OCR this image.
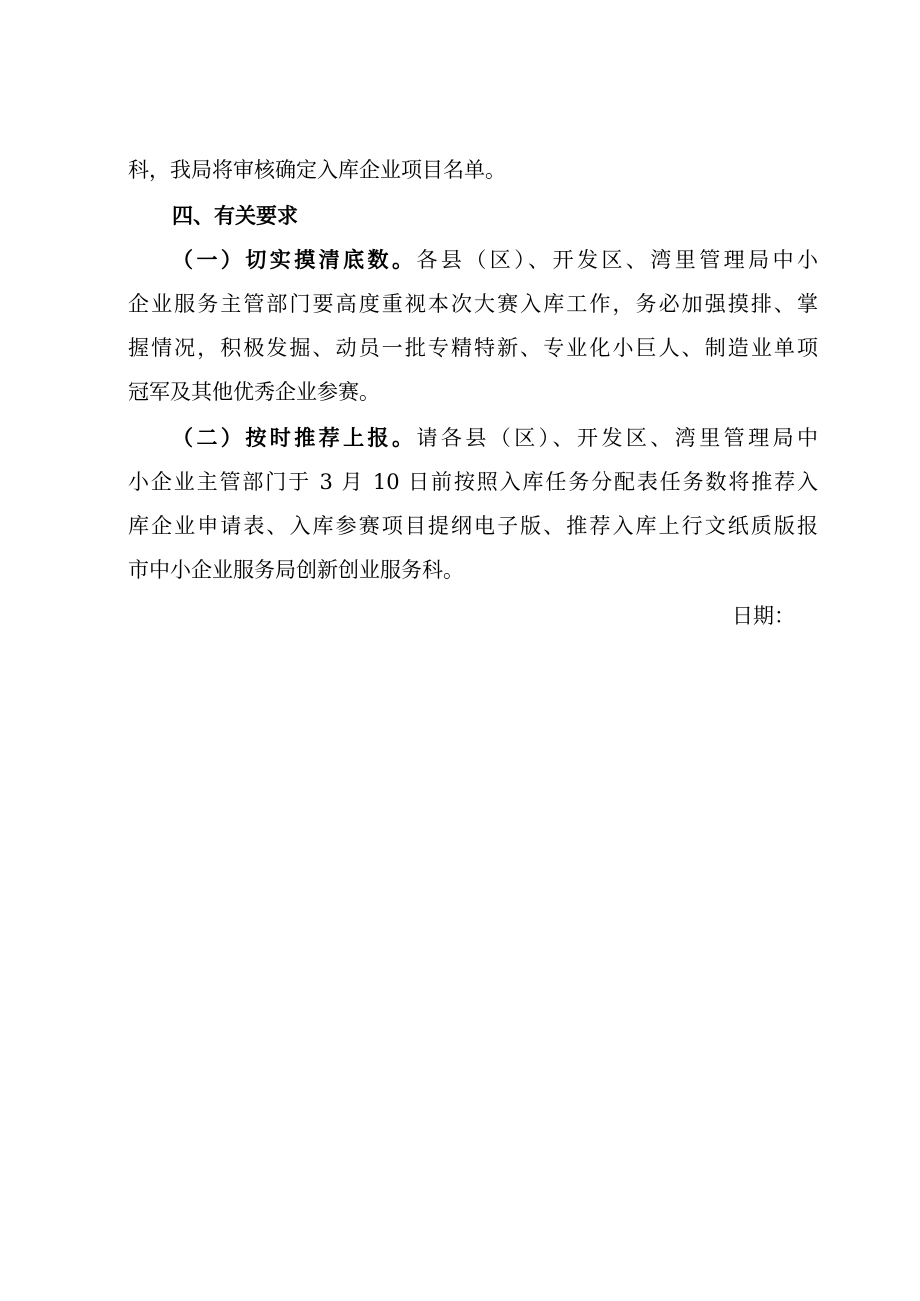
科，我局将审核确定入库企业项目名单。
四、有关要求
（一）切实摸清底数。各县（区）、开发区、湾里管理局中小
企业服务主管部门要高度重视本次大赛入库工作，务必加强摸排、掌
握情况，积极发掘、动员一批专精特新、专业化小巨人、制造业单项
冠军及其他优秀企业参赛。
（二）按时推荐上报。请各县（区）、开发区、湾里管理局中
小企业主管部门于 3 月 10 日前按照入库任务分配表任务数将推荐入
库企业申请表、入库参赛项目提纲电子版、推荐入库上行文纸质版报
市中小企业服务局创新创业服务科。
日期：
